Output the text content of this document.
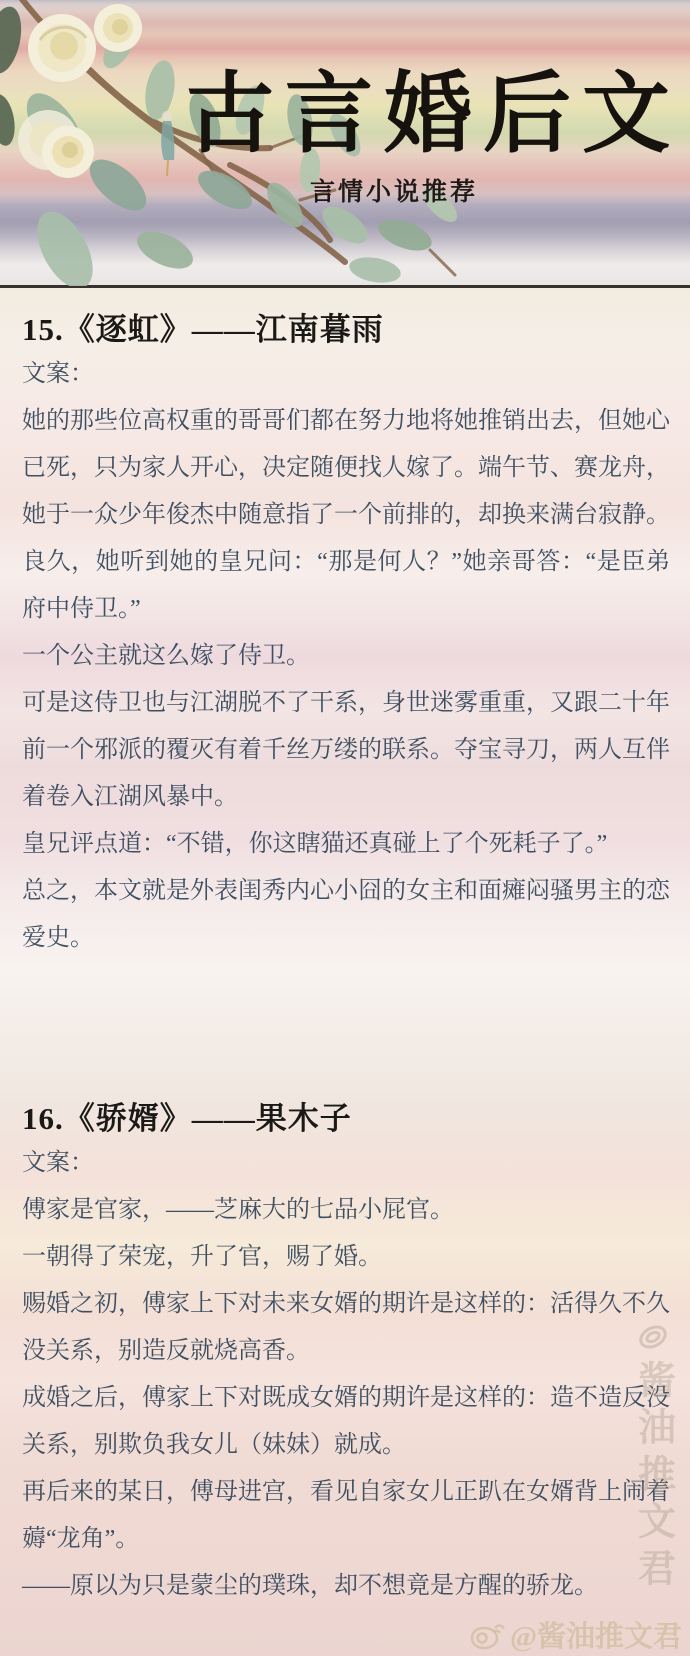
古言婚后文
言情小说推荐
15.《逐虹》——江南暮雨
文案：

她的那些位高权重的哥哥们都在努力地将她推销出去，但她心已死，只为家人开心，决定随便找人嫁了。端午节、赛龙舟，她于一众少年俊杰中随意指了一个前排的，却换来满台寂静。良久，她听到她的皇兄问：“那是何人？”她亲哥答：“是臣弟府中侍卫。”

一个公主就这么嫁了侍卫。

可是这侍卫也与江湖脱不了干系，身世迷雾重重，又跟二十年前一个邪派的覆灭有着千丝万缕的联系。夺宝寻刀，两人互伴着卷入江湖风暴中。

皇兄评点道：“不错，你这瞎猫还真碰上了个死耗子了。”

总之，本文就是外表闺秀内心小囧的女主和面瘫闷骚男主的恋爱史。

16.《骄婿》——果木子
文案：

傅家是官家，——芝麻大的七品小屁官。

一朝得了荣宠，升了官，赐了婚。

赐婚之初，傅家上下对未来女婿的期许是这样的：活得久不久没关系，别造反就烧高香。

成婚之后，傅家上下对既成女婿的期许是这样的：造不造反没关系，别欺负我女儿（妹妹）就成。

再后来的某日，傅母进宫，看见自家女儿正趴在女婿背上闹着薅“龙角”。

——原以为只是蒙尘的璞珠，却不想竟是方醒的骄龙。 酱油推文君
@酱油推文君
